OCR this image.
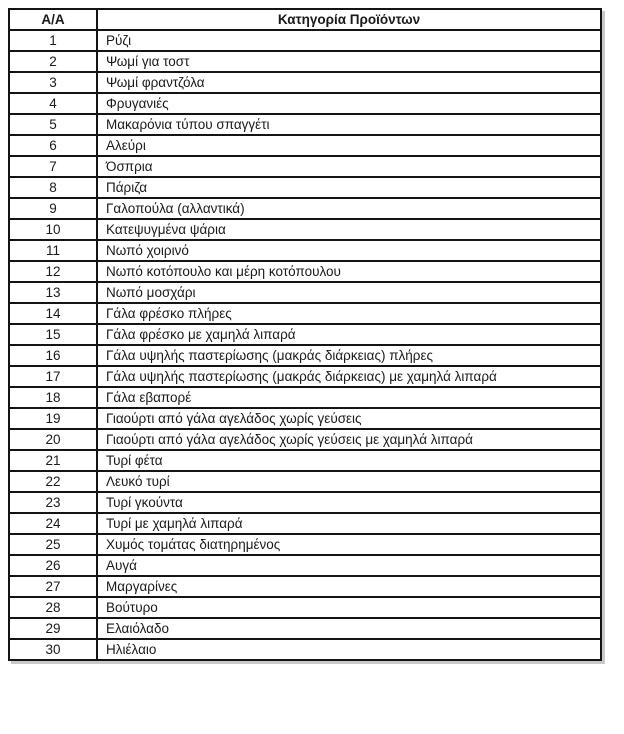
Α/Α	Κατηγορία Προϊόντων
1	Ρύζι
2	Ψωμί για τοστ
3	Ψωμί φραντζόλα
4	Φρυγανιές
5	Μακαρόνια τύπου σπαγγέτι
6	Αλεύρι
7	Όσπρια
8	Πάριζα
9	Γαλοπούλα (αλλαντικά)
10	Κατεψυγμένα ψάρια
11	Νωπό χοιρινό
12	Νωπό κοτόπουλο και μέρη κοτόπουλου
13	Νωπό μοσχάρι
14	Γάλα φρέσκο πλήρες
15	Γάλα φρέσκο με χαμηλά λιπαρά
16	Γάλα υψηλής παστερίωσης (μακράς διάρκειας) πλήρες
17	Γάλα υψηλής παστερίωσης (μακράς διάρκειας) με χαμηλά λιπαρά
18	Γάλα εβαπορέ
19	Γιαούρτι από γάλα αγελάδος χωρίς γεύσεις
20	Γιαούρτι από γάλα αγελάδος χωρίς γεύσεις με χαμηλά λιπαρά
21	Τυρί φέτα
22	Λευκό τυρί
23	Τυρί γκούντα
24	Τυρί με χαμηλά λιπαρά
25	Χυμός τομάτας διατηρημένος
26	Αυγά
27	Μαργαρίνες
28	Βούτυρο
29	Ελαιόλαδο
30	Ηλιέλαιο
